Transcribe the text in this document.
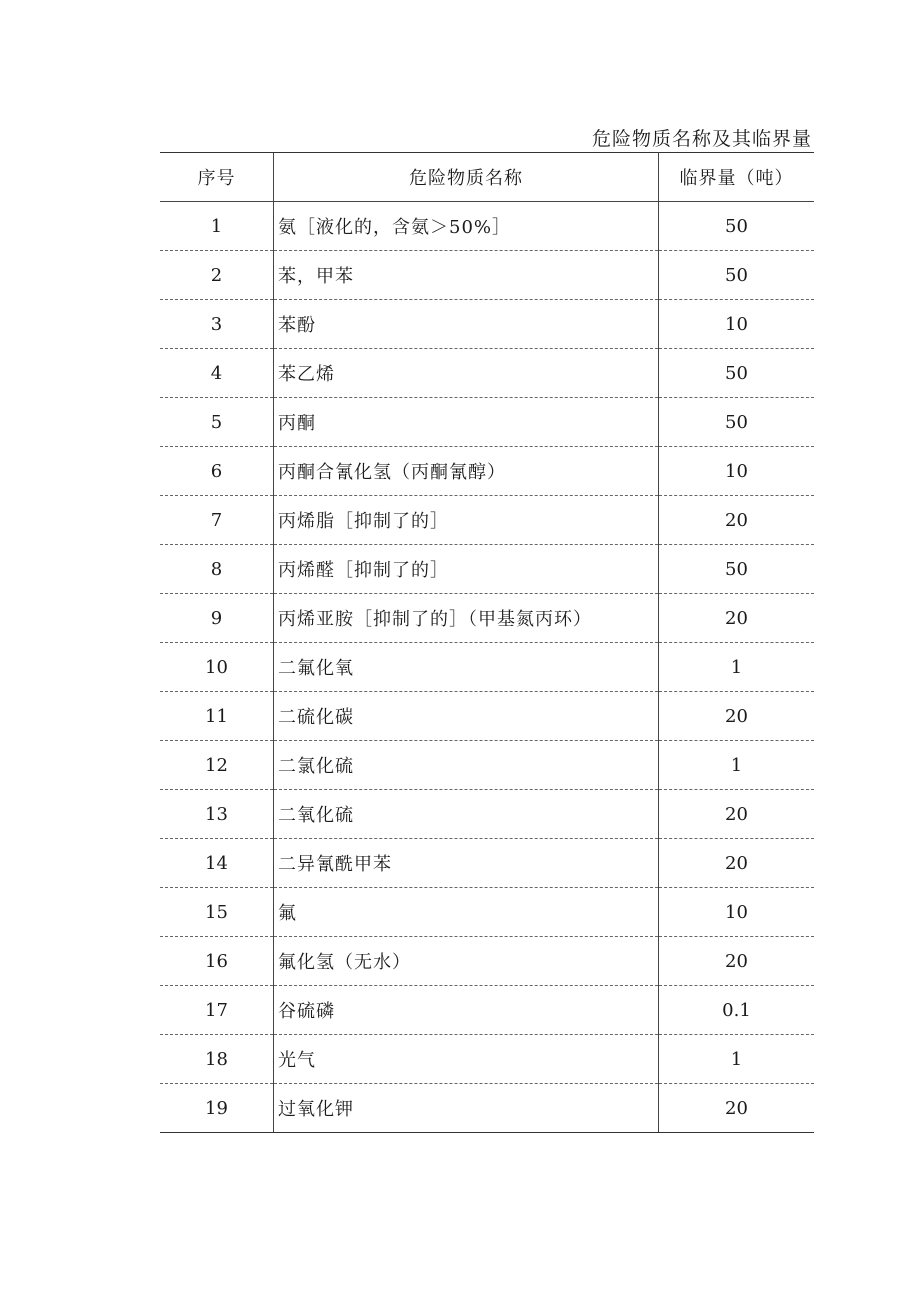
危险物质名称及其临界量
序号	危险物质名称	临界量（吨）
1	氨［液化的，含氨＞50%］	50
2	苯，甲苯	50
3	苯酚	10
4	苯乙烯	50
5	丙酮	50
6	丙酮合氰化氢（丙酮氰醇）	10
7	丙烯脂［抑制了的］	20
8	丙烯醛［抑制了的］	50
9	丙烯亚胺［抑制了的］（甲基氮丙环）	20
10	二氟化氧	1
11	二硫化碳	20
12	二氯化硫	1
13	二氧化硫	20
14	二异氰酰甲苯	20
15	氟	10
16	氟化氢（无水）	20
17	谷硫磷	0.1
18	光气	1
19	过氧化钾	20
